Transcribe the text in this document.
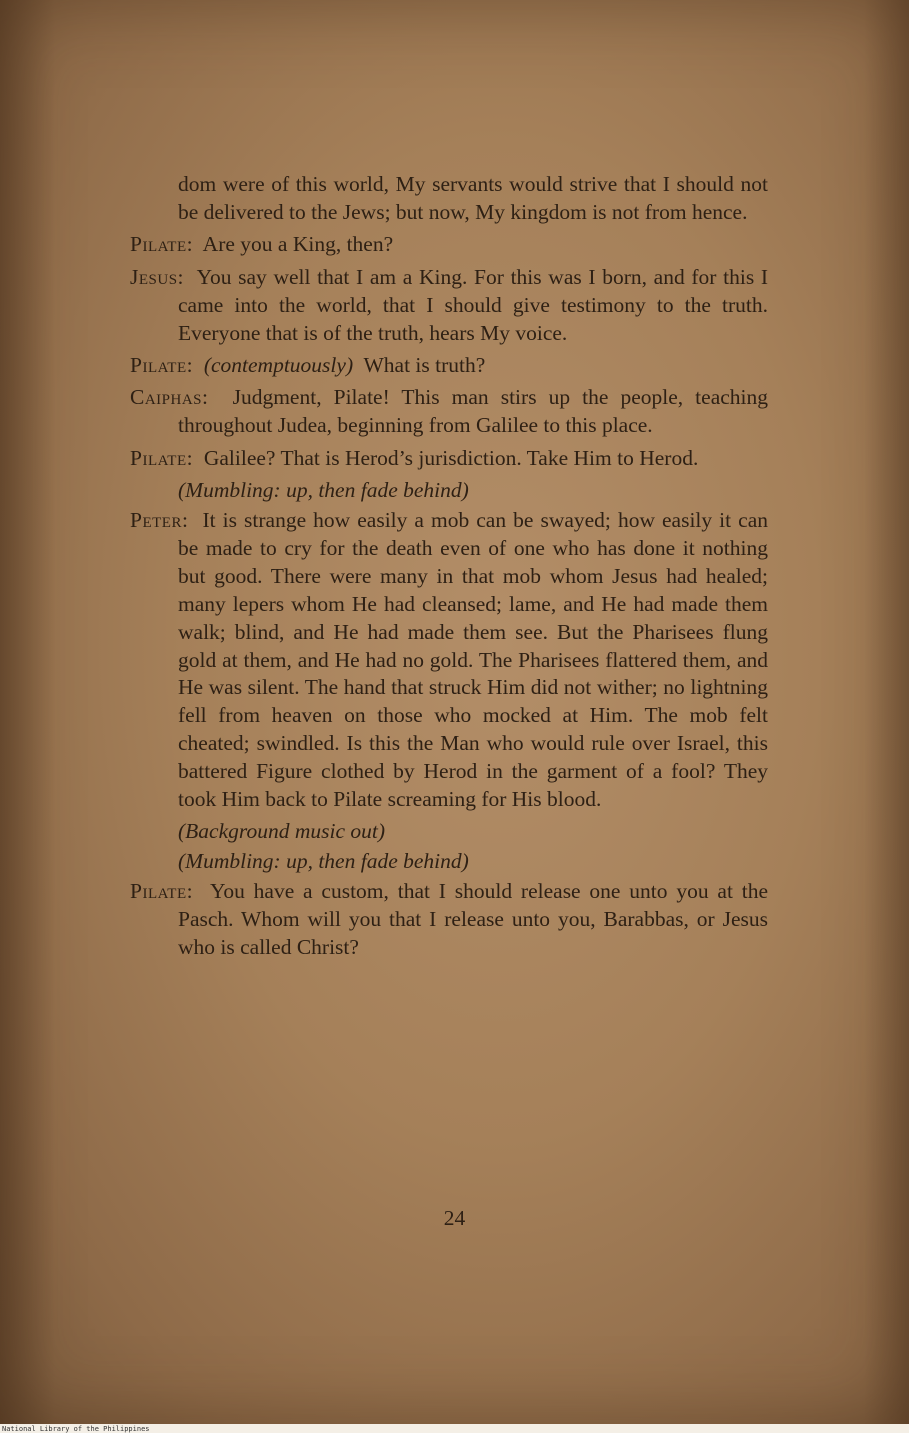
dom were of this world, My servants would strive that I should not be delivered to the Jews; but now, My kingdom is not from hence.

Pilate: Are you a King, then?

Jesus: You say well that I am a King. For this was I born, and for this I came into the world, that I should give testimony to the truth. Everyone that is of the truth, hears My voice.

Pilate: (contemptuously) What is truth?

Caiphas: Judgment, Pilate! This man stirs up the people, teaching throughout Judea, beginning from Galilee to this place.

Pilate: Galilee? That is Herod’s jurisdiction. Take Him to Herod.

(Mumbling: up, then fade behind)

Peter: It is strange how easily a mob can be swayed; how easily it can be made to cry for the death even of one who has done it nothing but good. There were many in that mob whom Jesus had healed; many lepers whom He had cleansed; lame, and He had made them walk; blind, and He had made them see. But the Pharisees flung gold at them, and He had no gold. The Pharisees flattered them, and He was silent. The hand that struck Him did not wither; no lightning fell from heaven on those who mocked at Him. The mob felt cheated; swindled. Is this the Man who would rule over Israel, this battered Figure clothed by Herod in the garment of a fool? They took Him back to Pilate screaming for His blood.

(Background music out)

(Mumbling: up, then fade behind)

Pilate: You have a custom, that I should release one unto you at the Pasch. Whom will you that I release unto you, Barabbas, or Jesus who is called Christ?

24
National Library of the Philippines
